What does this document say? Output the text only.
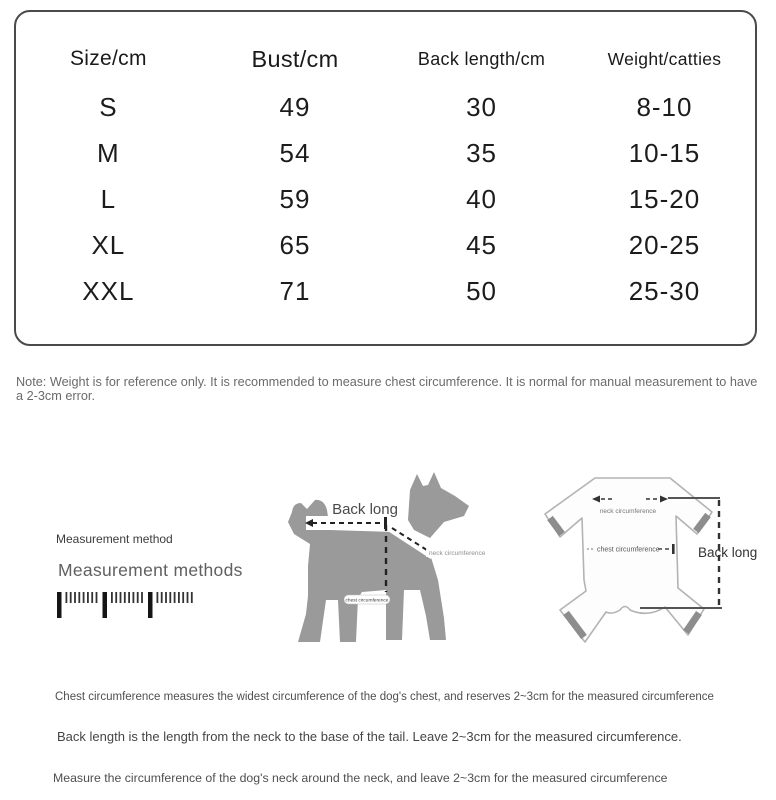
Size/cm	Bust/cm	Back length/cm	Weight/catties
S	49	30	8-10
M	54	35	10-15
L	59	40	15-20
XL	65	45	20-25
XXL	71	50	25-30
Note: Weight is for reference only. It is recommended to measure chest circumference. It is normal for manual measurement to have a 2-3cm error.
Measurement method
Measurement methods
Back long
neck circumference
chest circumference
neck circumference
chest circumference	Back long
Chest circumference measures the widest circumference of the dog's chest, and reserves 2~3cm for the measured circumference
Back length is the length from the neck to the base of the tail. Leave 2~3cm for the measured circumference.
Measure the circumference of the dog's neck around the neck, and leave 2~3cm for the measured circumference
